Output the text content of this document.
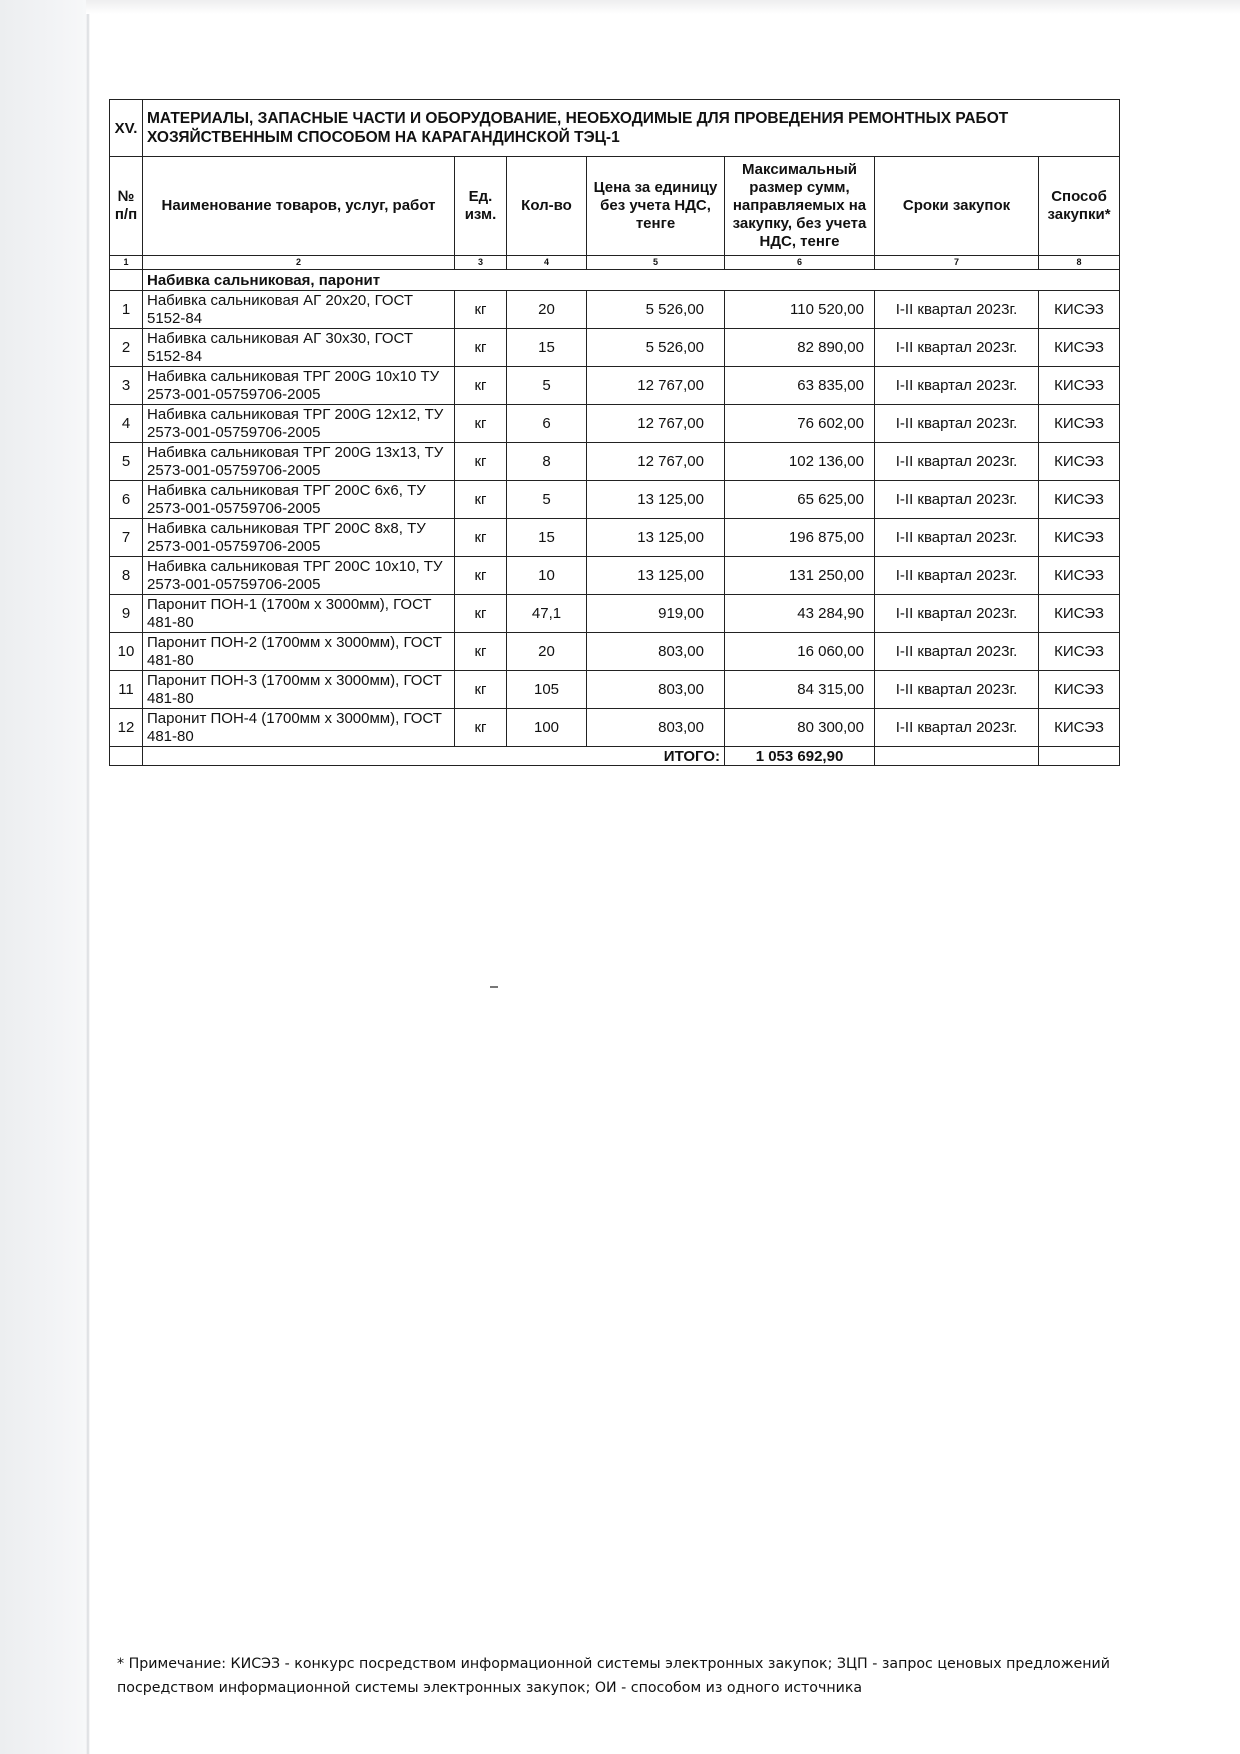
XV.	МАТЕРИАЛЫ, ЗАПАСНЫЕ ЧАСТИ И ОБОРУДОВАНИЕ, НЕОБХОДИМЫЕ ДЛЯ ПРОВЕДЕНИЯ РЕМОНТНЫХ РАБОТ ХОЗЯЙСТВЕННЫМ СПОСОБОМ НА КАРАГАНДИНСКОЙ ТЭЦ-1						
№ п/п	Наименование товаров, услуг, работ	Ед. изм.	Кол-во	Цена за единицу без учета НДС, тенге	Максимальный размер сумм, направляемых на закупку, без учета НДС, тенге	Сроки закупок	Способ закупки*
1	2	3	4	5	6	7	8
	Набивка сальниковая, паронит						
1	Набивка сальниковая АГ 20х20, ГОСТ 5152-84	кг	20	5 526,00	110 520,00	I-II квартал 2023г.	КИСЭЗ
2	Набивка сальниковая АГ 30х30, ГОСТ 5152-84	кг	15	5 526,00	82 890,00	I-II квартал 2023г.	КИСЭЗ
3	Набивка сальниковая ТРГ 200G 10х10 ТУ 2573-001-05759706-2005	кг	5	12 767,00	63 835,00	I-II квартал 2023г.	КИСЭЗ
4	Набивка сальниковая ТРГ 200G 12х12, ТУ 2573-001-05759706-2005	кг	6	12 767,00	76 602,00	I-II квартал 2023г.	КИСЭЗ
5	Набивка сальниковая ТРГ 200G 13х13, ТУ 2573-001-05759706-2005	кг	8	12 767,00	102 136,00	I-II квартал 2023г.	КИСЭЗ
6	Набивка сальниковая ТРГ 200С 6х6, ТУ 2573-001-05759706-2005	кг	5	13 125,00	65 625,00	I-II квартал 2023г.	КИСЭЗ
7	Набивка сальниковая ТРГ 200С 8х8, ТУ 2573-001-05759706-2005	кг	15	13 125,00	196 875,00	I-II квартал 2023г.	КИСЭЗ
8	Набивка сальниковая ТРГ 200С 10х10, ТУ 2573-001-05759706-2005	кг	10	13 125,00	131 250,00	I-II квартал 2023г.	КИСЭЗ
9	Паронит ПОН-1 (1700м х 3000мм), ГОСТ 481-80	кг	47,1	919,00	43 284,90	I-II квартал 2023г.	КИСЭЗ
10	Паронит ПОН-2 (1700мм х 3000мм), ГОСТ 481-80	кг	20	803,00	16 060,00	I-II квартал 2023г.	КИСЭЗ
11	Паронит ПОН-3 (1700мм х 3000мм), ГОСТ 481-80	кг	105	803,00	84 315,00	I-II квартал 2023г.	КИСЭЗ
12	Паронит ПОН-4 (1700мм х 3000мм), ГОСТ 481-80	кг	100	803,00	80 300,00	I-II квартал 2023г.	КИСЭЗ
	ИТОГО:				1 053 692,90		
* Примечание: КИСЭЗ - конкурс посредством информационной системы электронных закупок; ЗЦП - запрос ценовых предложений посредством информационной системы электронных закупок; ОИ - способом из одного источника
